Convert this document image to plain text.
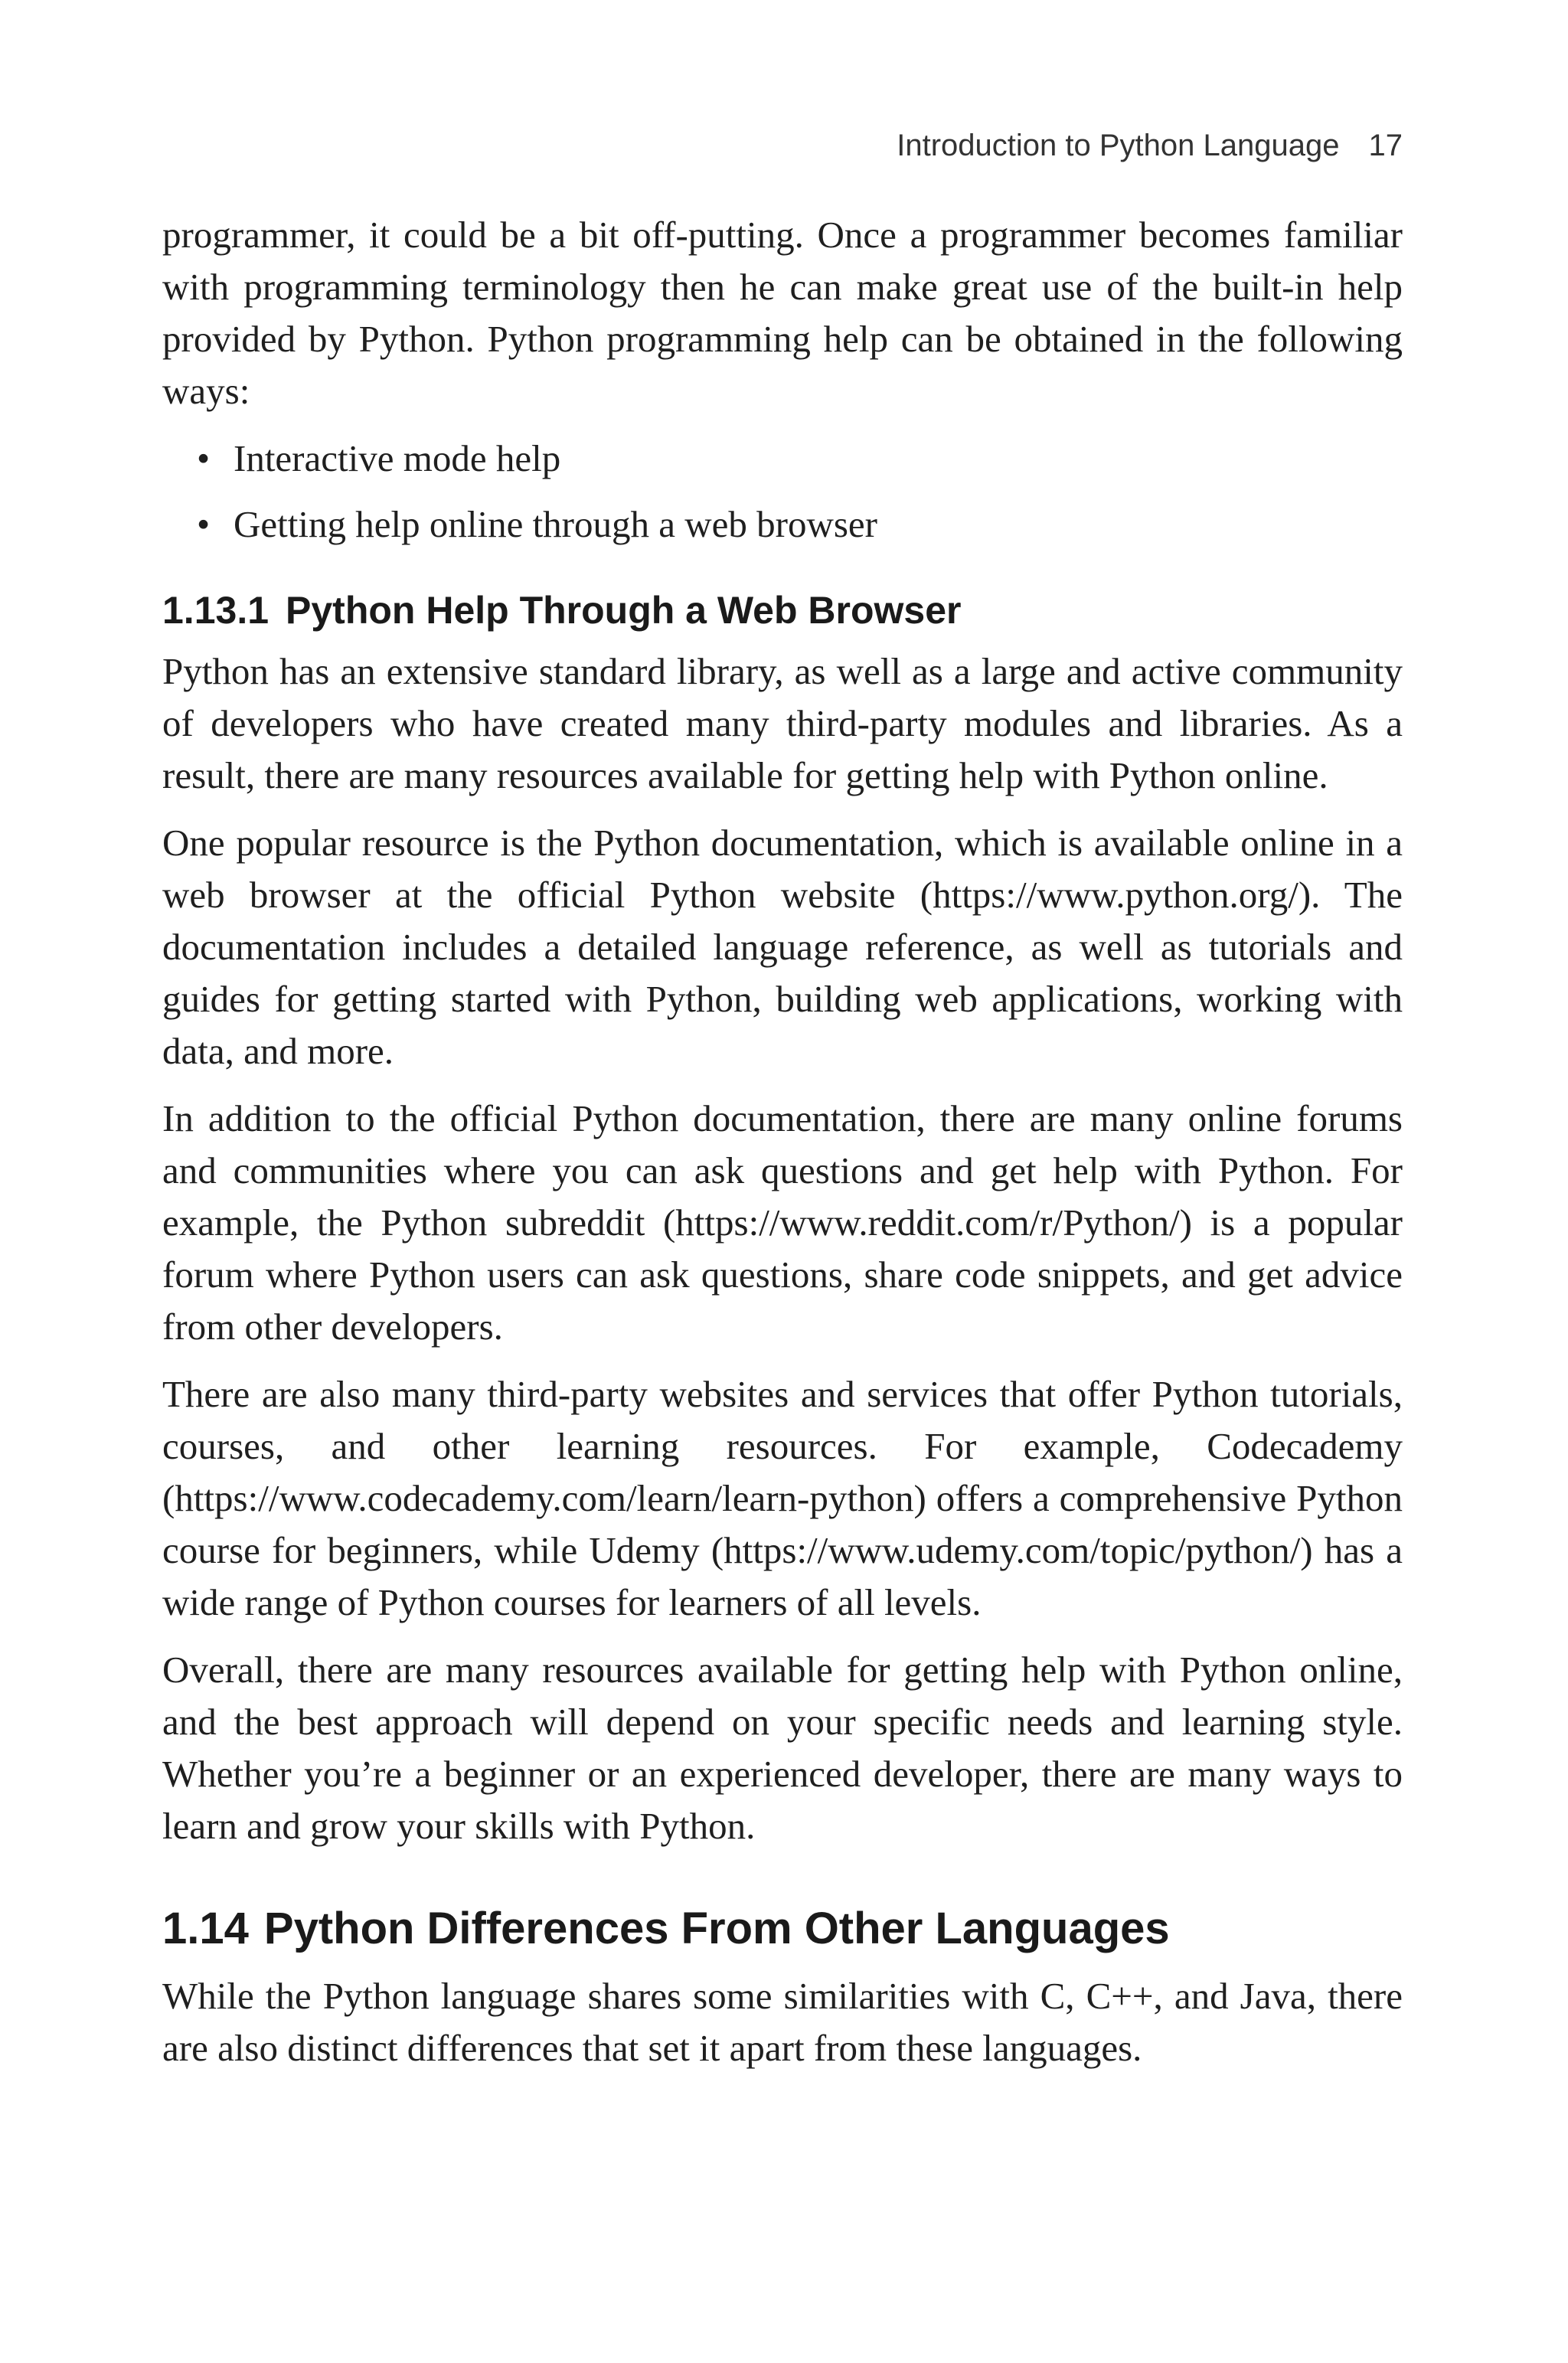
Introduction to Python Language 17

programmer, it could be a bit off-putting. Once a programmer becomes familiar with programming terminology then he can make great use of the built-in help provided by Python. Python programming help can be obtained in the following ways:

• Interactive mode help
• Getting help online through a web browser
1.13.1 Python Help Through a Web Browser

Python has an extensive standard library, as well as a large and active community of developers who have created many third-party modules and libraries. As a result, there are many resources available for getting help with Python online.

One popular resource is the Python documentation, which is available online in a web browser at the official Python website (https://www.python.org/). The documentation includes a detailed language reference, as well as tutorials and guides for getting started with Python, building web applications, working with data, and more.

In addition to the official Python documentation, there are many online forums and communities where you can ask questions and get help with Python. For example, the Python subreddit (https://www.reddit.com/r/Python/) is a popular forum where Python users can ask questions, share code snippets, and get advice from other developers.

There are also many third-party websites and services that offer Python tutorials, courses, and other learning resources. For example, Codecademy (https://www.codecademy.com/learn/learn-python) offers a comprehensive Python course for beginners, while Udemy (https://www.udemy.com/topic/python/) has a wide range of Python courses for learners of all levels.

Overall, there are many resources available for getting help with Python online, and the best approach will depend on your specific needs and learning style. Whether you’re a beginner or an experienced developer, there are many ways to learn and grow your skills with Python.

1.14 Python Differences From Other Languages

While the Python language shares some similarities with C, C++, and Java, there are also distinct differences that set it apart from these languages.
